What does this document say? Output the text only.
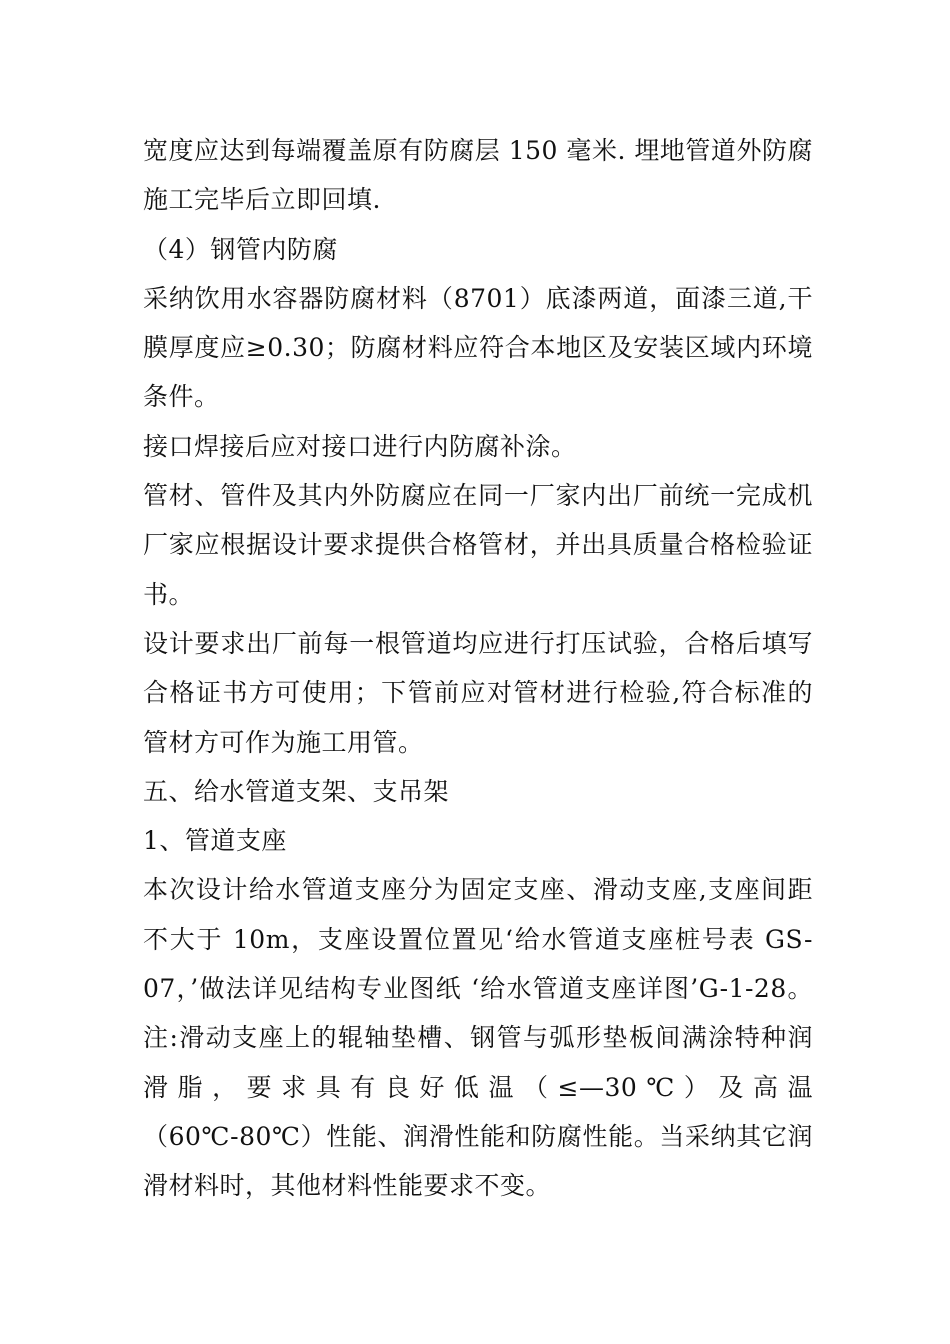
宽度应达到每端覆盖原有防腐层 150 毫米. 埋地管道外防腐施工完毕后立即回填.

（4）钢管内防腐

采纳饮用水容器防腐材料（8701）底漆两道，面漆三道,干膜厚度应≥0.30；防腐材料应符合本地区及安装区域内环境条件。

接口焊接后应对接口进行内防腐补涂。

管材、管件及其内外防腐应在同一厂家内出厂前统一完成机厂家应根据设计要求提供合格管材，并出具质量合格检验证书。

设计要求出厂前每一根管道均应进行打压试验，合格后填写合格证书方可使用；下管前应对管材进行检验,符合标准的管材方可作为施工用管。

五、给水管道支架、支吊架

1、管道支座

本次设计给水管道支座分为固定支座、滑动支座,支座间距不大于 10m，支座设置位置见‘给水管道支座桩号表 GS-07，’做法详见结构专业图纸 ‘给水管道支座详图’G-1-28。注:滑动支座上的辊轴垫槽、钢管与弧形垫板间满涂特种润滑脂，要求具有良好低温（≤—30℃）及高温（60℃-80℃）性能、润滑性能和防腐性能。当采纳其它润滑材料时，其他材料性能要求不变。
